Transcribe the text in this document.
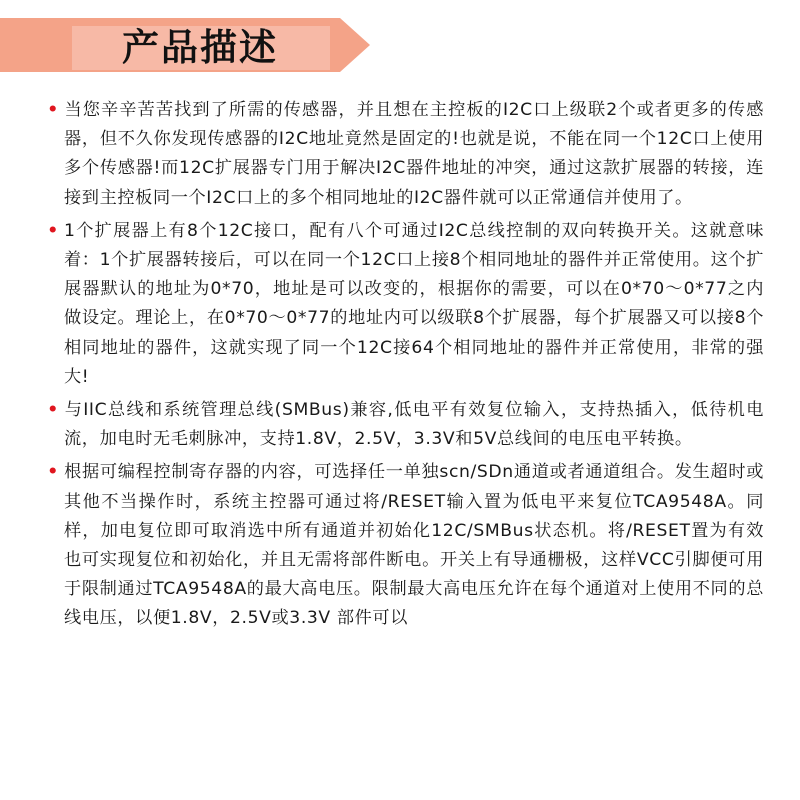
产品描述

• 当您辛辛苦苦找到了所需的传感器，并且想在主控板的I2C口上级联2个或者更多的传感器，但不久你发现传感器的I2C地址竟然是固定的!也就是说，不能在同一个12C口上使用多个传感器!而12C扩展器专门用于解决I2C器件地址的冲突，通过这款扩展器的转接，连接到主控板同一个I2C口上的多个相同地址的I2C器件就可以正常通信并使用了。

• 1个扩展器上有8个12C接口，配有八个可通过I2C总线控制的双向转换开关。这就意味着：1个扩展器转接后，可以在同一个12C口上接8个相同地址的器件并正常使用。这个扩展器默认的地址为0*70，地址是可以改变的，根据你的需要，可以在0*70～0*77之内做设定。理论上，在0*70～0*77的地址内可以级联8个扩展器，每个扩展器又可以接8个相同地址的器件，这就实现了同一个12C接64个相同地址的器件并正常使用，非常的强大!

• 与IIC总线和系统管理总线(SMBus)兼容,低电平有效复位输入，支持热插入，低待机电流，加电时无毛刺脉冲，支持1.8V，2.5V，3.3V和5V总线间的电压电平转换。

• 根据可编程控制寄存器的内容，可选择任一单独scn/SDn通道或者通道组合。发生超时或其他不当操作时，系统主控器可通过将/RESET输入置为低电平来复位TCA9548A。同样，加电复位即可取消选中所有通道并初始化12C/SMBus状态机。将/RESET置为有效也可实现复位和初始化，并且无需将部件断电。开关上有导通栅极，这样VCC引脚便可用于限制通过TCA9548A的最大高电压。限制最大高电压允许在每个通道对上使用不同的总线电压，以便1.8V，2.5V或3.3V 部件可以
